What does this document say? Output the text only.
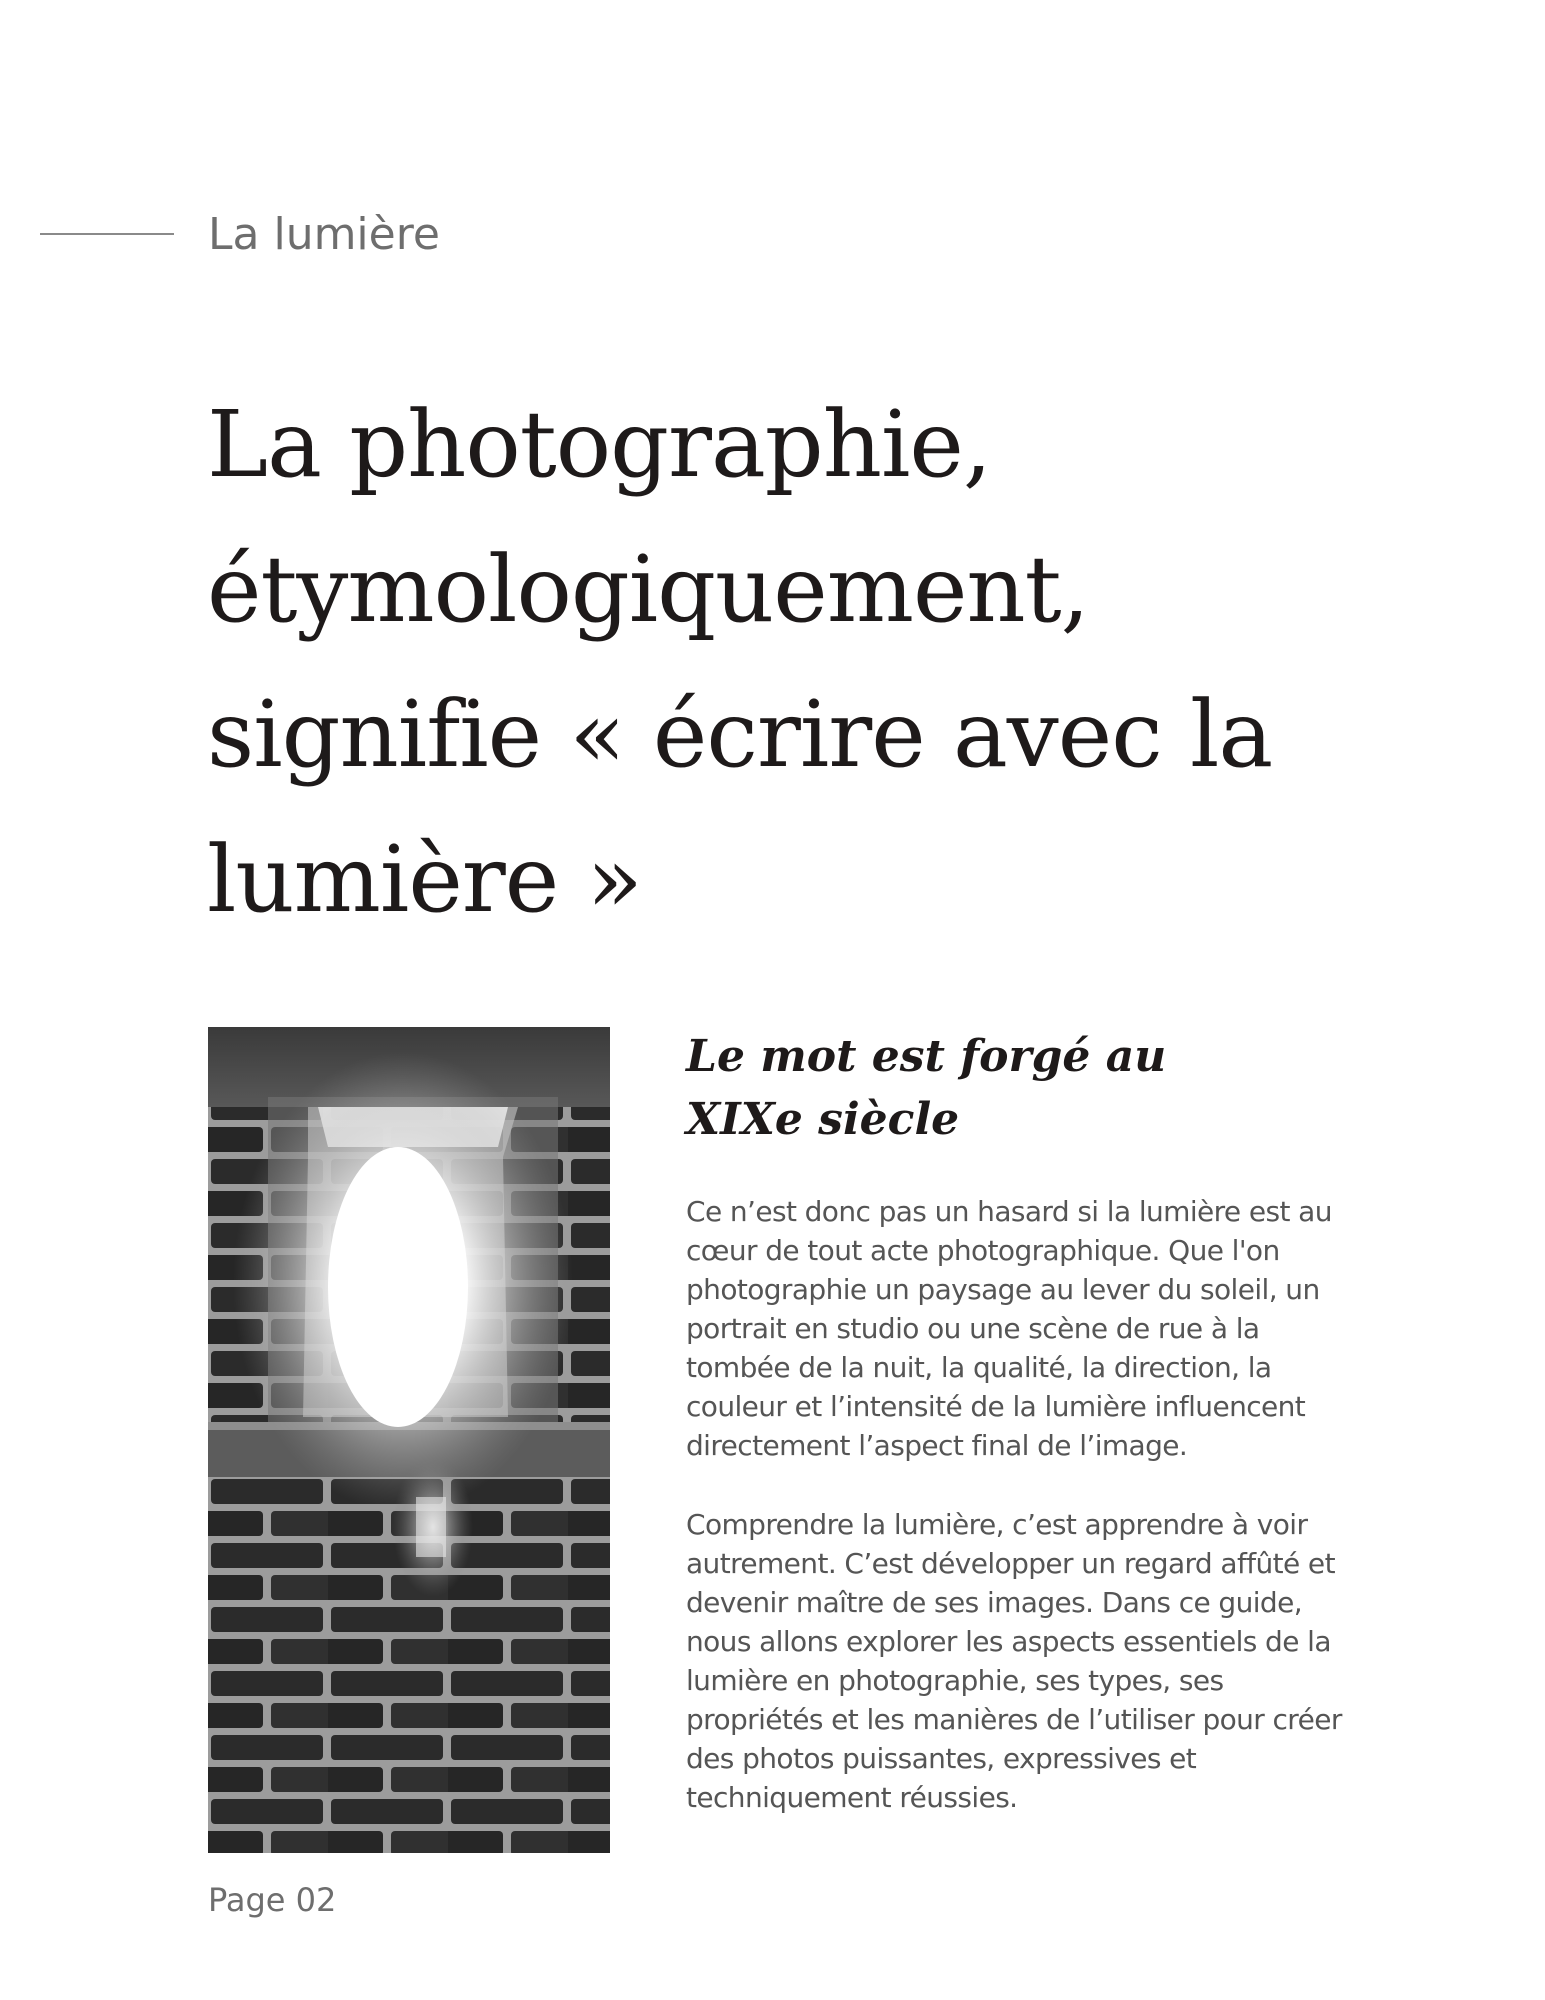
La lumière
La photographie, étymologiquement, signifie « écrire avec la lumière »
Le mot est forgé au XIXe siècle

Ce n’est donc pas un hasard si la lumière est au cœur de tout acte photographique. Que l'on photographie un paysage au lever du soleil, un portrait en studio ou une scène de rue à la tombée de la nuit, la qualité, la direction, la couleur et l’intensité de la lumière influencent directement l’aspect final de l’image.

Comprendre la lumière, c’est apprendre à voir autrement. C’est développer un regard affûté et devenir maître de ses images. Dans ce guide, nous allons explorer les aspects essentiels de la lumière en photographie, ses types, ses propriétés et les manières de l’utiliser pour créer des photos puissantes, expressives et techniquement réussies.

Page 02
